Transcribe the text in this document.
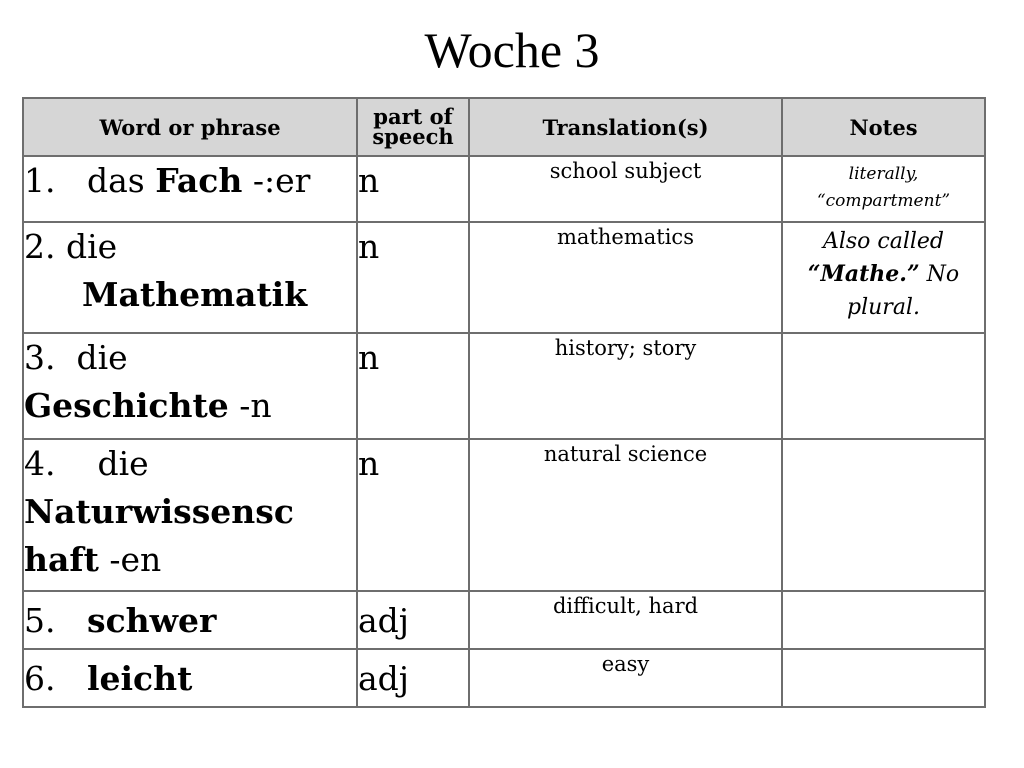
Woche 3
Word or phrase	part of speech	Translation(s)	Notes
1. das Fach -:er	n	school subject	literally,
“compartment”

2. die
Mathematik	n	mathematics	Also called “Mathe.” No plural.

3. die
Geschichte -n	n	history; story	

4. die
Naturwissensc
haft -en	n	natural science	
5. schwer	adj	difficult, hard	
6. leicht	adj	easy	
